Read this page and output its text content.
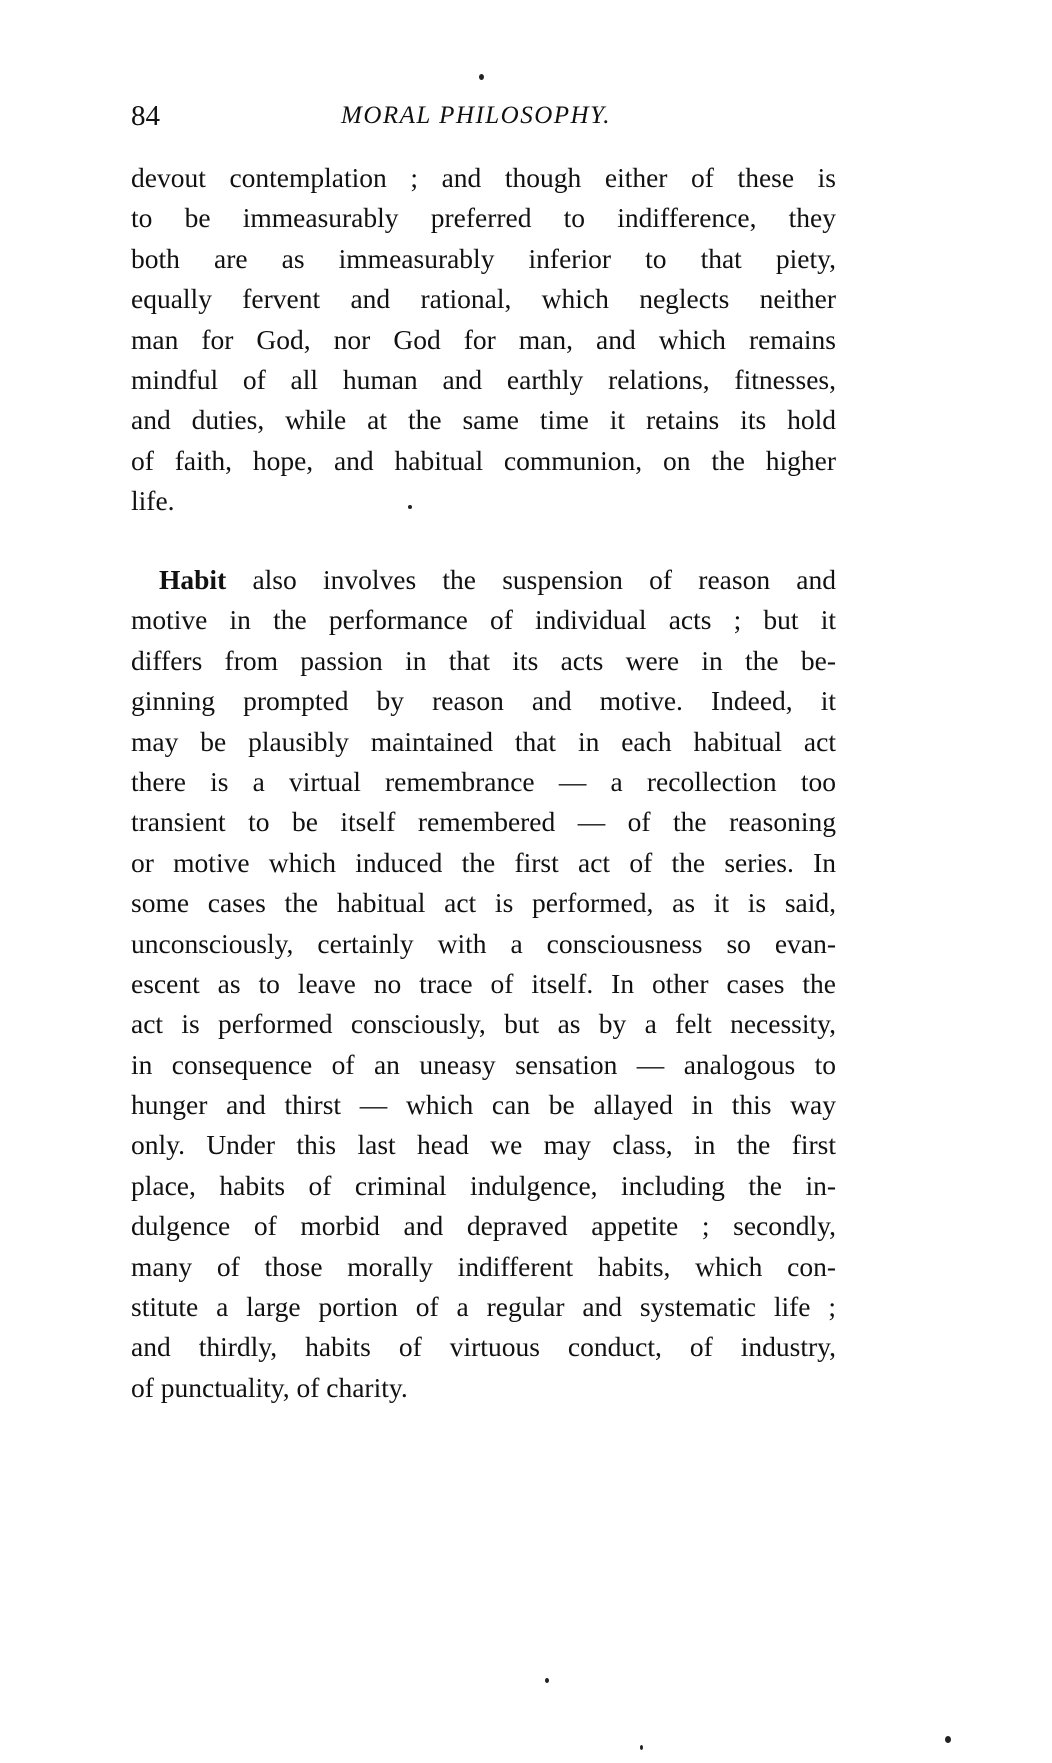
84	MORAL PHILOSOPHY.
devout contemplation ; and though either of these is
to be immeasurably preferred to indifference, they
both are as immeasurably inferior to that piety,
equally fervent and rational, which neglects neither
man for God, nor God for man, and which remains
mindful of all human and earthly relations, fitnesses,
and duties, while at the same time it retains its hold
of faith, hope, and habitual communion, on the higher
life.
Habit also involves the suspension of reason and
motive in the performance of individual acts ; but it
differs from passion in that its acts were in the be-
ginning prompted by reason and motive. Indeed, it
may be plausibly maintained that in each habitual act
there is a virtual remembrance — a recollection too
transient to be itself remembered — of the reasoning
or motive which induced the first act of the series. In
some cases the habitual act is performed, as it is said,
unconsciously, certainly with a consciousness so evan-
escent as to leave no trace of itself. In other cases the
act is performed consciously, but as by a felt necessity,
in consequence of an uneasy sensation — analogous to
hunger and thirst — which can be allayed in this way
only. Under this last head we may class, in the first
place, habits of criminal indulgence, including the in-
dulgence of morbid and depraved appetite ; secondly,
many of those morally indifferent habits, which con-
stitute a large portion of a regular and systematic life ;
and thirdly, habits of virtuous conduct, of industry,
of punctuality, of charity.
